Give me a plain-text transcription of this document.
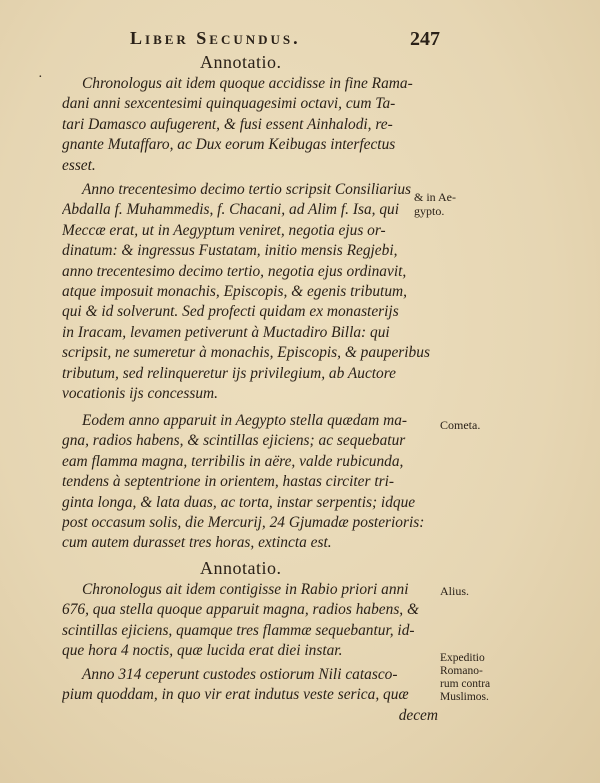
Liber Secundus.	247
·
Annotatio.
Chronologus ait idem quoque accidisse in fine Rama-
dani anni sexcentesimi quinquagesimi octavi, cum Ta-
tari Damasco aufugerent, & fusi essent Ainhalodi, re-
gnante Mutaffaro, ac Dux eorum Keibugas interfectus
esset.
Anno trecentesimo decimo tertio scripsit Consiliarius
Abdalla f. Muhammedis, f. Chacani, ad Alim f. Isa, qui
Meccæ erat, ut in Aegyptum veniret, negotia ejus or-
dinatum: & ingressus Fustatam, initio mensis Regjebi,
anno trecentesimo decimo tertio, negotia ejus ordinavit,
atque imposuit monachis, Episcopis, & egenis tributum,
qui & id solverunt. Sed profecti quidam ex monasterijs
in Iracam, levamen petiverunt à Muctadiro Billa: qui
scripsit, ne sumeretur à monachis, Episcopis, & pauperibus
tributum, sed relinqueretur ijs privilegium, ab Auctore
vocationis ijs concessum.
Eodem anno apparuit in Aegypto stella quædam ma-
gna, radios habens, & scintillas ejiciens; ac sequebatur
eam flamma magna, terribilis in aëre, valde rubicunda,
tendens à septentrione in orientem, hastas circiter tri-
ginta longa, & lata duas, ac torta, instar serpentis; idque
post occasum solis, die Mercurij, 24 Gjumadæ posterioris:
cum autem durasset tres horas, extincta est.
Annotatio.
Chronologus ait idem contigisse in Rabio priori anni
676, qua stella quoque apparuit magna, radios habens, &
scintillas ejiciens, quamque tres flammæ sequebantur, id-
que hora 4 noctis, quæ lucida erat diei instar.
Anno 314 ceperunt custodes ostiorum Nili catasco-
pium quoddam, in quo vir erat indutus veste serica, quæ
decem
& in Ae-
gypto.
Cometa.
Alius.
Expeditio
Romano-
rum contra
Muslimos.
